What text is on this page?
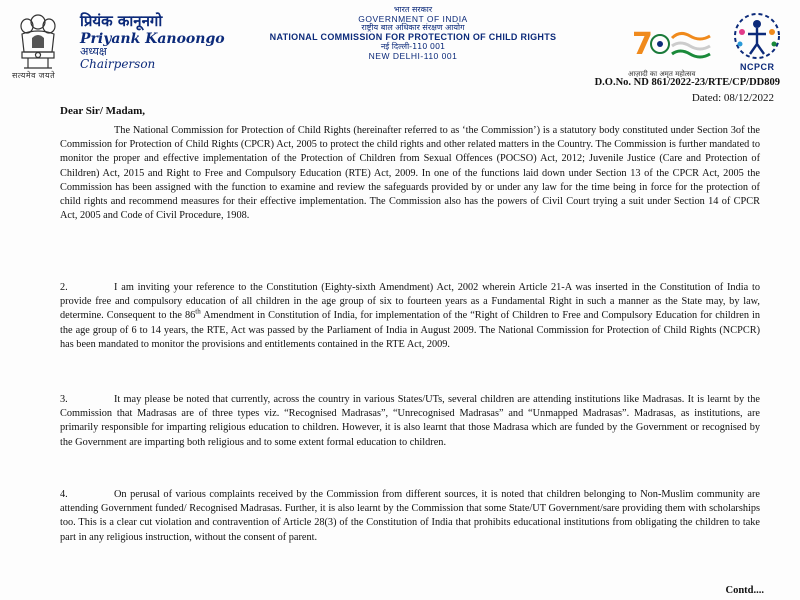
सत्यमेव जयते
प्रियंक कानूनगो
Priyank Kanoongo
अध्यक्ष
Chairperson
भारत सरकार
GOVERNMENT OF INDIA
राष्ट्रीय बाल अधिकार संरक्षण आयोग
NATIONAL COMMISSION FOR PROTECTION OF CHILD RIGHTS
नई दिल्ली-110 001
NEW DELHI-110 001	7
आज़ादी का अमृत महोत्सव
NCPCR
D.O.No. ND 861/2022-23/RTE/CP/DD809
Dated: 08/12/2022
Dear Sir/ Madam,

The National Commission for Protection of Child Rights (hereinafter referred to as ‘the Commission’) is a statutory body constituted under Section 3of the Commission for Protection of Child Rights (CPCR) Act, 2005 to protect the child rights and other related matters in the Country. The Commission is further mandated to monitor the proper and effective implementation of the Protection of Children from Sexual Offences (POCSO) Act, 2012; Juvenile Justice (Care and Protection of Children) Act, 2015 and Right to Free and Compulsory Education (RTE) Act, 2009. In one of the functions laid down under Section 13 of the CPCR Act, 2005 the Commission has been assigned with the function to examine and review the safeguards provided by or under any law for the time being in force for the protection of child rights and recommend measures for their effective implementation. The Commission also has the powers of Civil Court trying a suit under Section 14 of CPCR Act, 2005 and Code of Civil Procedure, 1908.

2.	I am inviting your reference to the Constitution (Eighty-sixth Amendment) Act, 2002 wherein Article 21-A was inserted in the Constitution of India to provide free and compulsory education of all children in the age group of six to fourteen years as a Fundamental Right in such a manner as the State may, by law, determine. Consequent to the 86th Amendment in Constitution of India, for implementation of the “Right of Children to Free and Compulsory Education for children in the age group of 6 to 14 years, the RTE, Act was passed by the Parliament of India in August 2009. The National Commission for Protection of Child Rights (NCPCR) has been mandated to monitor the provisions and entitlements contained in the RTE Act, 2009.

3.	It may please be noted that currently, across the country in various States/UTs, several children are attending institutions like Madrasas. It is learnt by the Commission that Madrasas are of three types viz. “Recognised Madrasas”, “Unrecognised Madrasas” and “Unmapped Madrasas”. Madrasas, as institutions, are primarily responsible for imparting religious education to children. However, it is also learnt that those Madrasa which are funded by the Government or recognised by the Government are imparting both religious and to some extent formal education to children.

4.	On perusal of various complaints received by the Commission from different sources, it is noted that children belonging to Non-Muslim community are attending Government funded/ Recognised Madrasas. Further, it is also learnt by the Commission that some State/UT Government/sare providing them with scholarships too. This is a clear cut violation and contravention of Article 28(3) of the Constitution of India that prohibits educational institutions from obligating the children to take part in any religious instruction, without the consent of parent.

Contd....
